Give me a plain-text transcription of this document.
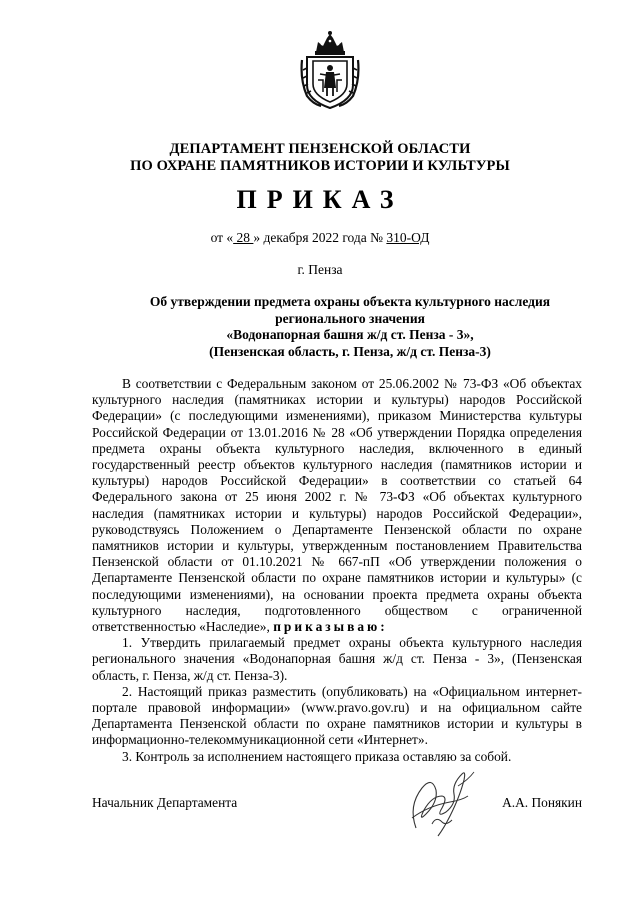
ДЕПАРТАМЕНТ ПЕНЗЕНСКОЙ ОБЛАСТИ
ПО ОХРАНЕ ПАМЯТНИКОВ ИСТОРИИ И КУЛЬТУРЫ
ПРИКАЗ
от « 28 » декабря 2022 года № 310-ОД
г. Пенза
Об утверждении предмета охраны объекта культурного наследия
регионального значения
«Водонапорная башня ж/д ст. Пенза - 3»,
(Пензенская область, г. Пенза, ж/д ст. Пенза-3)

В соответствии с Федеральным законом от 25.06.2002 № 73-ФЗ «Об объектах культурного наследия (памятниках истории и культуры) народов Российской Федерации» (с последующими изменениями), приказом Министерства культуры Российской Федерации от 13.01.2016 № 28 «Об утверждении Порядка определения предмета охраны объекта культурного наследия, включенного в единый государственный реестр объектов культурного наследия (памятников истории и культуры) народов Российской Федерации» в соответствии со статьей 64 Федерального закона от 25 июня 2002 г. № 73-ФЗ «Об объектах культурного наследия (памятниках истории и культуры) народов Российской Федерации», руководствуясь Положением о Департаменте Пензенской области по охране памятников истории и культуры, утвержденным постановлением Правительства Пензенской области от 01.10.2021 № 667-пП «Об утверждении положения о Департаменте Пензенской области по охране памятников истории и культуры» (с последующими изменениями), на основании проекта предмета охраны объекта культурного наследия, подготовленного обществом с ограниченной ответственностью «Наследие», приказываю:

1. Утвердить прилагаемый предмет охраны объекта культурного наследия регионального значения «Водонапорная башня ж/д ст. Пенза - 3», (Пензенская область, г. Пенза, ж/д ст. Пенза-3).

2. Настоящий приказ разместить (опубликовать) на «Официальном интернет-портале правовой информации» (www.pravo.gov.ru) и на официальном сайте Департамента Пензенской области по охране памятников истории и культуры в информационно-телекоммуникационной сети «Интернет».

3. Контроль за исполнением настоящего приказа оставляю за собой.

Начальник Департамента	А.А. Понякин
